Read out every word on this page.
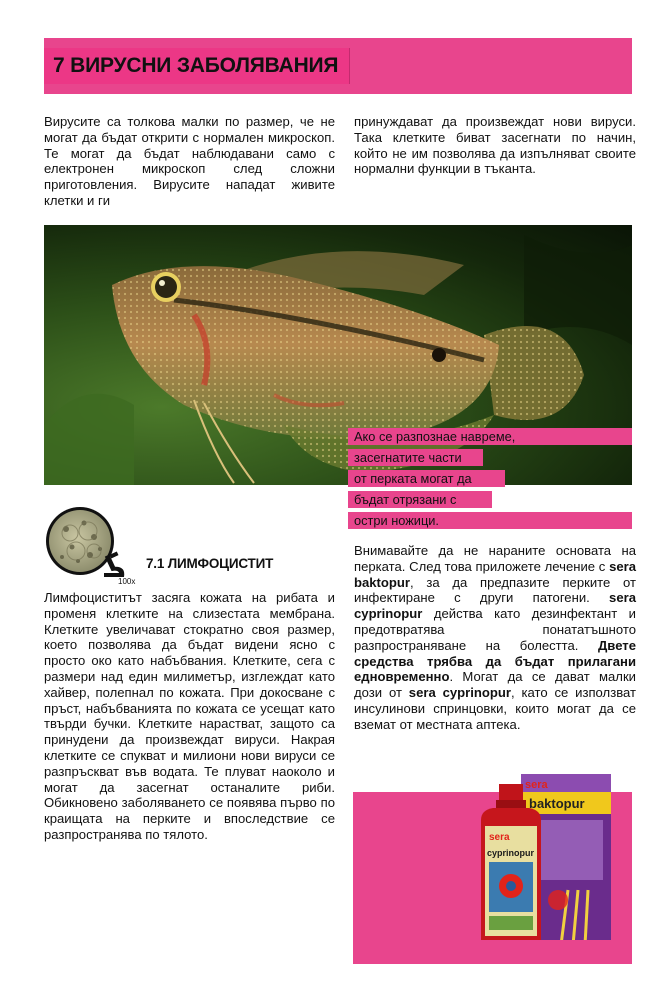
7 ВИРУСНИ ЗАБОЛЯВАНИЯ

Вирусите са толкова малки по размер, че не могат да бъдат открити с нормален микроскоп. Те могат да бъдат наблюдавани само с електронен микроскоп след сложни приготовления. Вирусите нападат живите клетки и ги

принуждават да произвеждат нови вируси. Така клетките биват засегнати по начин, който не им позволява да изпълняват своите нормални функции в тъканта.

Ако се разпознае навреме,
засегнатите части
от перката могат да
бъдат отрязани с
остри ножици.
100x
7.1 ЛИМФОЦИСТИТ

Лимфоциститът засяга кожата на рибата и променя клетките на слизестата мембрана. Клетките увеличават стократно своя размер, което позволява да бъдат видени ясно с просто око като набъбвания. Клетките, сега с размери над един милиметър, изглеждат като хайвер, полепнал по кожата. При докосване с пръст, набъбванията по кожата се усещат като твърди бучки. Клетките нарастват, защото са принудени да произвеждат вируси. Накрая клетките се спукват и милиони нови вируси се разпръскват във водата. Те плуват наоколо и могат да засегнат останалите риби. Обикновено заболяването се появява първо по краищата на перките и впоследствие се разпространява по тялото.

Внимавайте да не нараните основата на перката. След това приложете лечение с sera baktopur, за да предпазите перките от инфектиране с други патогени. sera cyprinopur действа като дезинфектант и предотвратява понататъшното разпространяване на болестта. Двете средства трябва да бъдат прилагани едновременно. Могат да се дават малки дози от sera cyprinopur, като се използват инсулинови спринцовки, които могат да се вземат от местната аптека.

sera
baktopur
sera
cyprinopur
